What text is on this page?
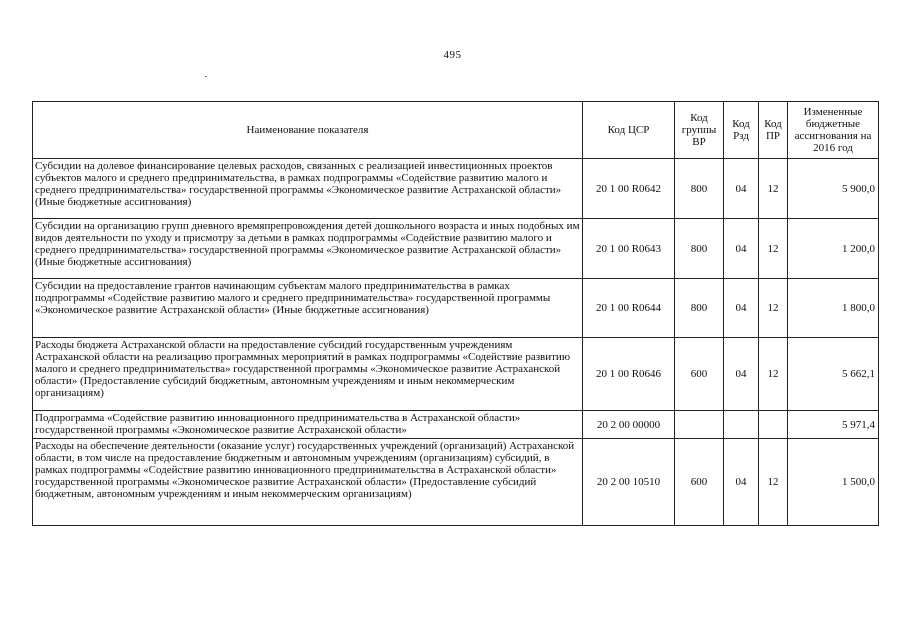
495
Наименование показателя	Код ЦСР	Код группы ВР	Код Рзд	Код ПР	Измененные бюджетные ассигнования на 2016 год
Субсидии на долевое финансирование целевых расходов, связанных с реализацией инвестиционных проектов субъектов малого и среднего предпринимательства, в рамках подпрограммы «Содействие развитию малого и среднего предпринимательства» государственной программы «Экономическое развитие Астраханской области» (Иные бюджетные ассигнования)	20 1 00 R0642	800	04	12	5 900,0
Субсидии на организацию групп дневного времяпрепровождения детей дошкольного возраста и иных подобных им видов деятельности по уходу и присмотру за детьми в рамках подпрограммы «Содействие развитию малого и среднего предпринимательства» государственной программы «Экономическое развитие Астраханской области» (Иные бюджетные ассигнования)	20 1 00 R0643	800	04	12	1 200,0
Субсидии на предоставление грантов начинающим субъектам малого предпринимательства в рамках подпрограммы «Содействие развитию малого и среднего предпринимательства» государственной программы «Экономическое развитие Астраханской области» (Иные бюджетные ассигнования)	20 1 00 R0644	800	04	12	1 800,0
Расходы бюджета Астраханской области на предоставление субсидий государственным учреждениям Астраханской области на реализацию программных мероприятий в рамках подпрограммы «Содействие развитию малого и среднего предпринимательства» государственной программы «Экономическое развитие Астраханской области» (Предоставление субсидий бюджетным, автономным учреждениям и иным некоммерческим организациям)	20 1 00 R0646	600	04	12	5 662,1
Подпрограмма «Содействие развитию инновационного предпринимательства в Астраханской области» государственной программы «Экономическое развитие Астраханской области»	20 2 00 00000				5 971,4
Расходы на обеспечение деятельности (оказание услуг) государственных учреждений (организаций) Астраханской области, в том числе на предоставление бюджетным и автономным учреждениям (организациям) субсидий, в рамках подпрограммы «Содействие развитию инновационного предпринимательства в Астраханской области» государственной программы «Экономическое развитие Астраханской области» (Предоставление субсидий бюджетным, автономным учреждениям и иным некоммерческим организациям)	20 2 00 10510	600	04	12	1 500,0
